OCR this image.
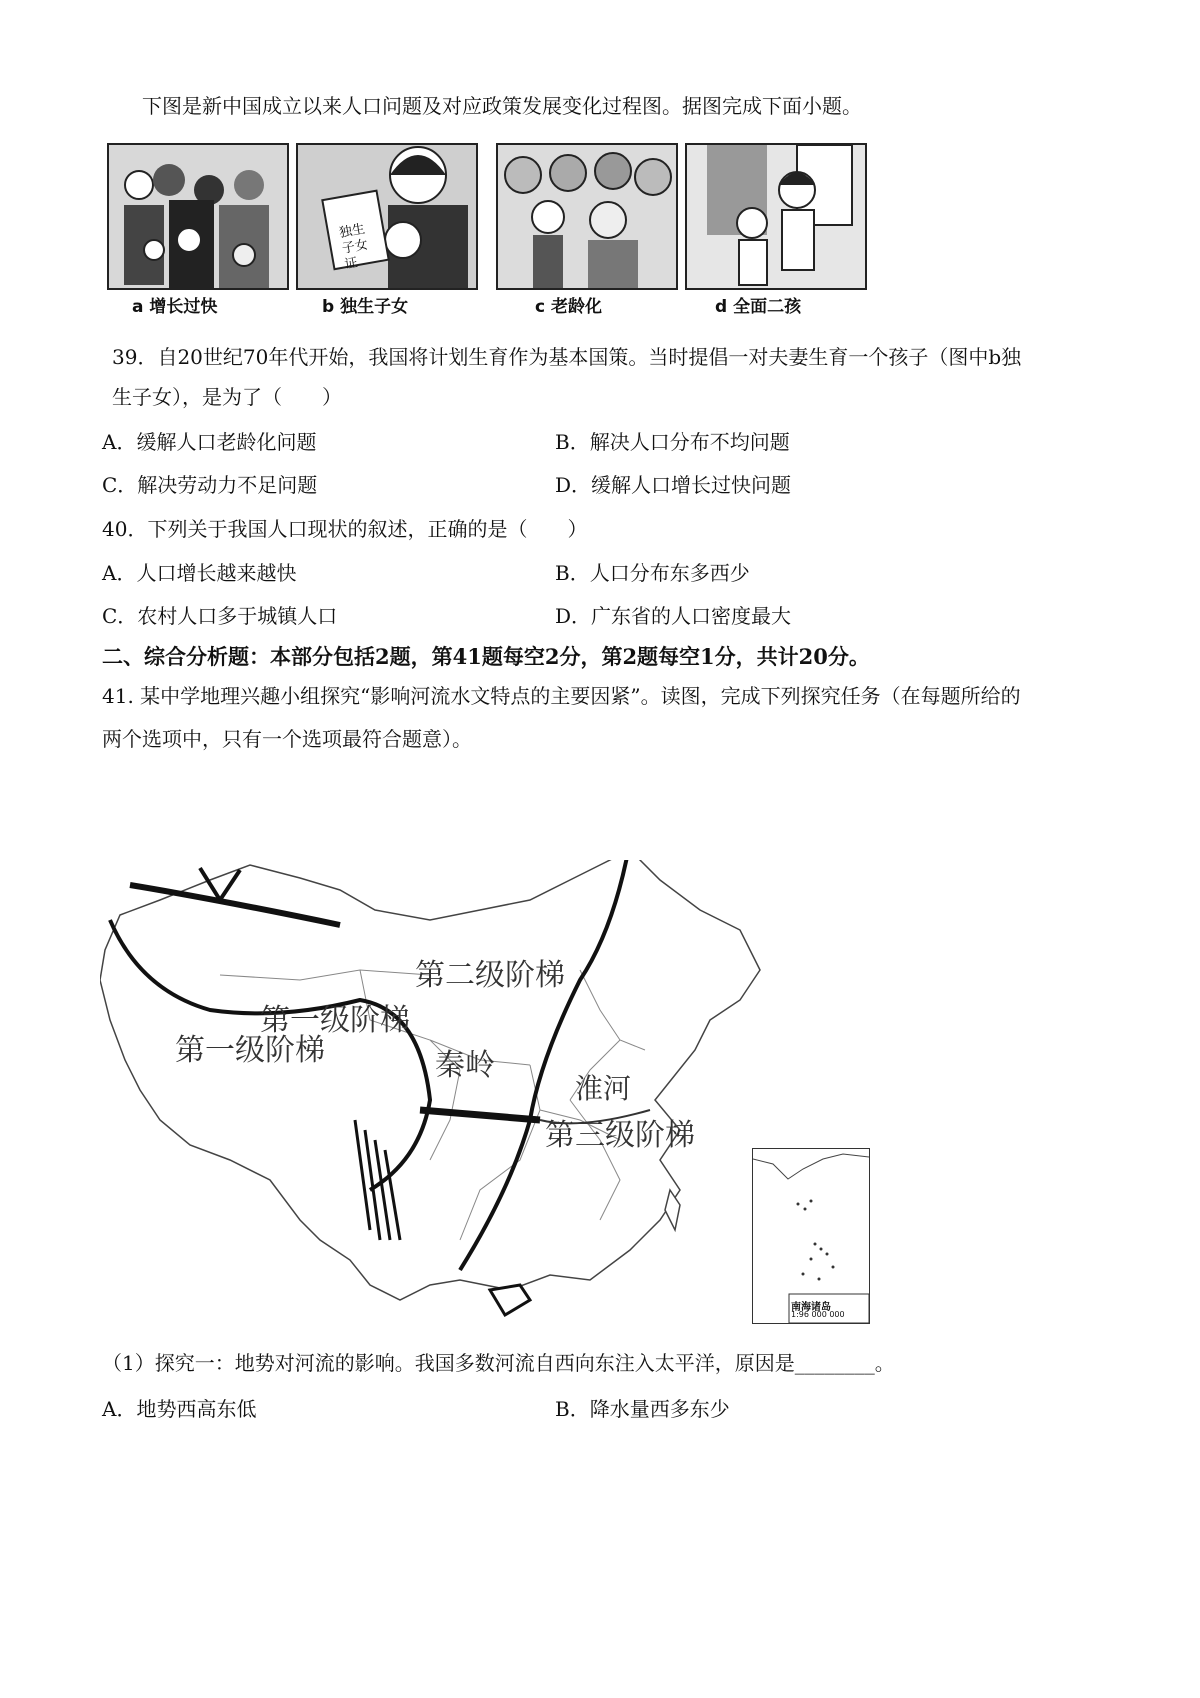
下图是新中国成立以来人口问题及对应政策发展变化过程图。据图完成下面小题。
a 增长过快
独生子女证
b 独生子女	c 老龄化	d 全面二孩
39．自20世纪70年代开始，我国将计划生育作为基本国策。当时提倡一对夫妻生育一个孩子（图中b独
生子女），是为了（　　）
A．缓解人口老龄化问题	B．解决人口分布不均问题
C．解决劳动力不足问题	D．缓解人口增长过快问题
40．下列关于我国人口现状的叙述，正确的是（　　）
A．人口增长越来越快	B．人口分布东多西少
C．农村人口多于城镇人口	D．广东省的人口密度最大
二、综合分析题：本部分包括2题，第41题每空2分，第2题每空1分，共计20分。
41. 某中学地理兴趣小组探究“影响河流水文特点的主要因紧”。读图，完成下列探究任务（在每题所给的
两个选项中，只有一个选项最符合题意）。
第二级阶梯
第一级阶梯
第一级阶梯	秦岭
淮河
第三级阶梯
南海诸岛
1:96 000 000
（1）探究一：地势对河流的影响。我国多数河流自西向东注入太平洋，原因是________。
A．地势西高东低	B．降水量西多东少
